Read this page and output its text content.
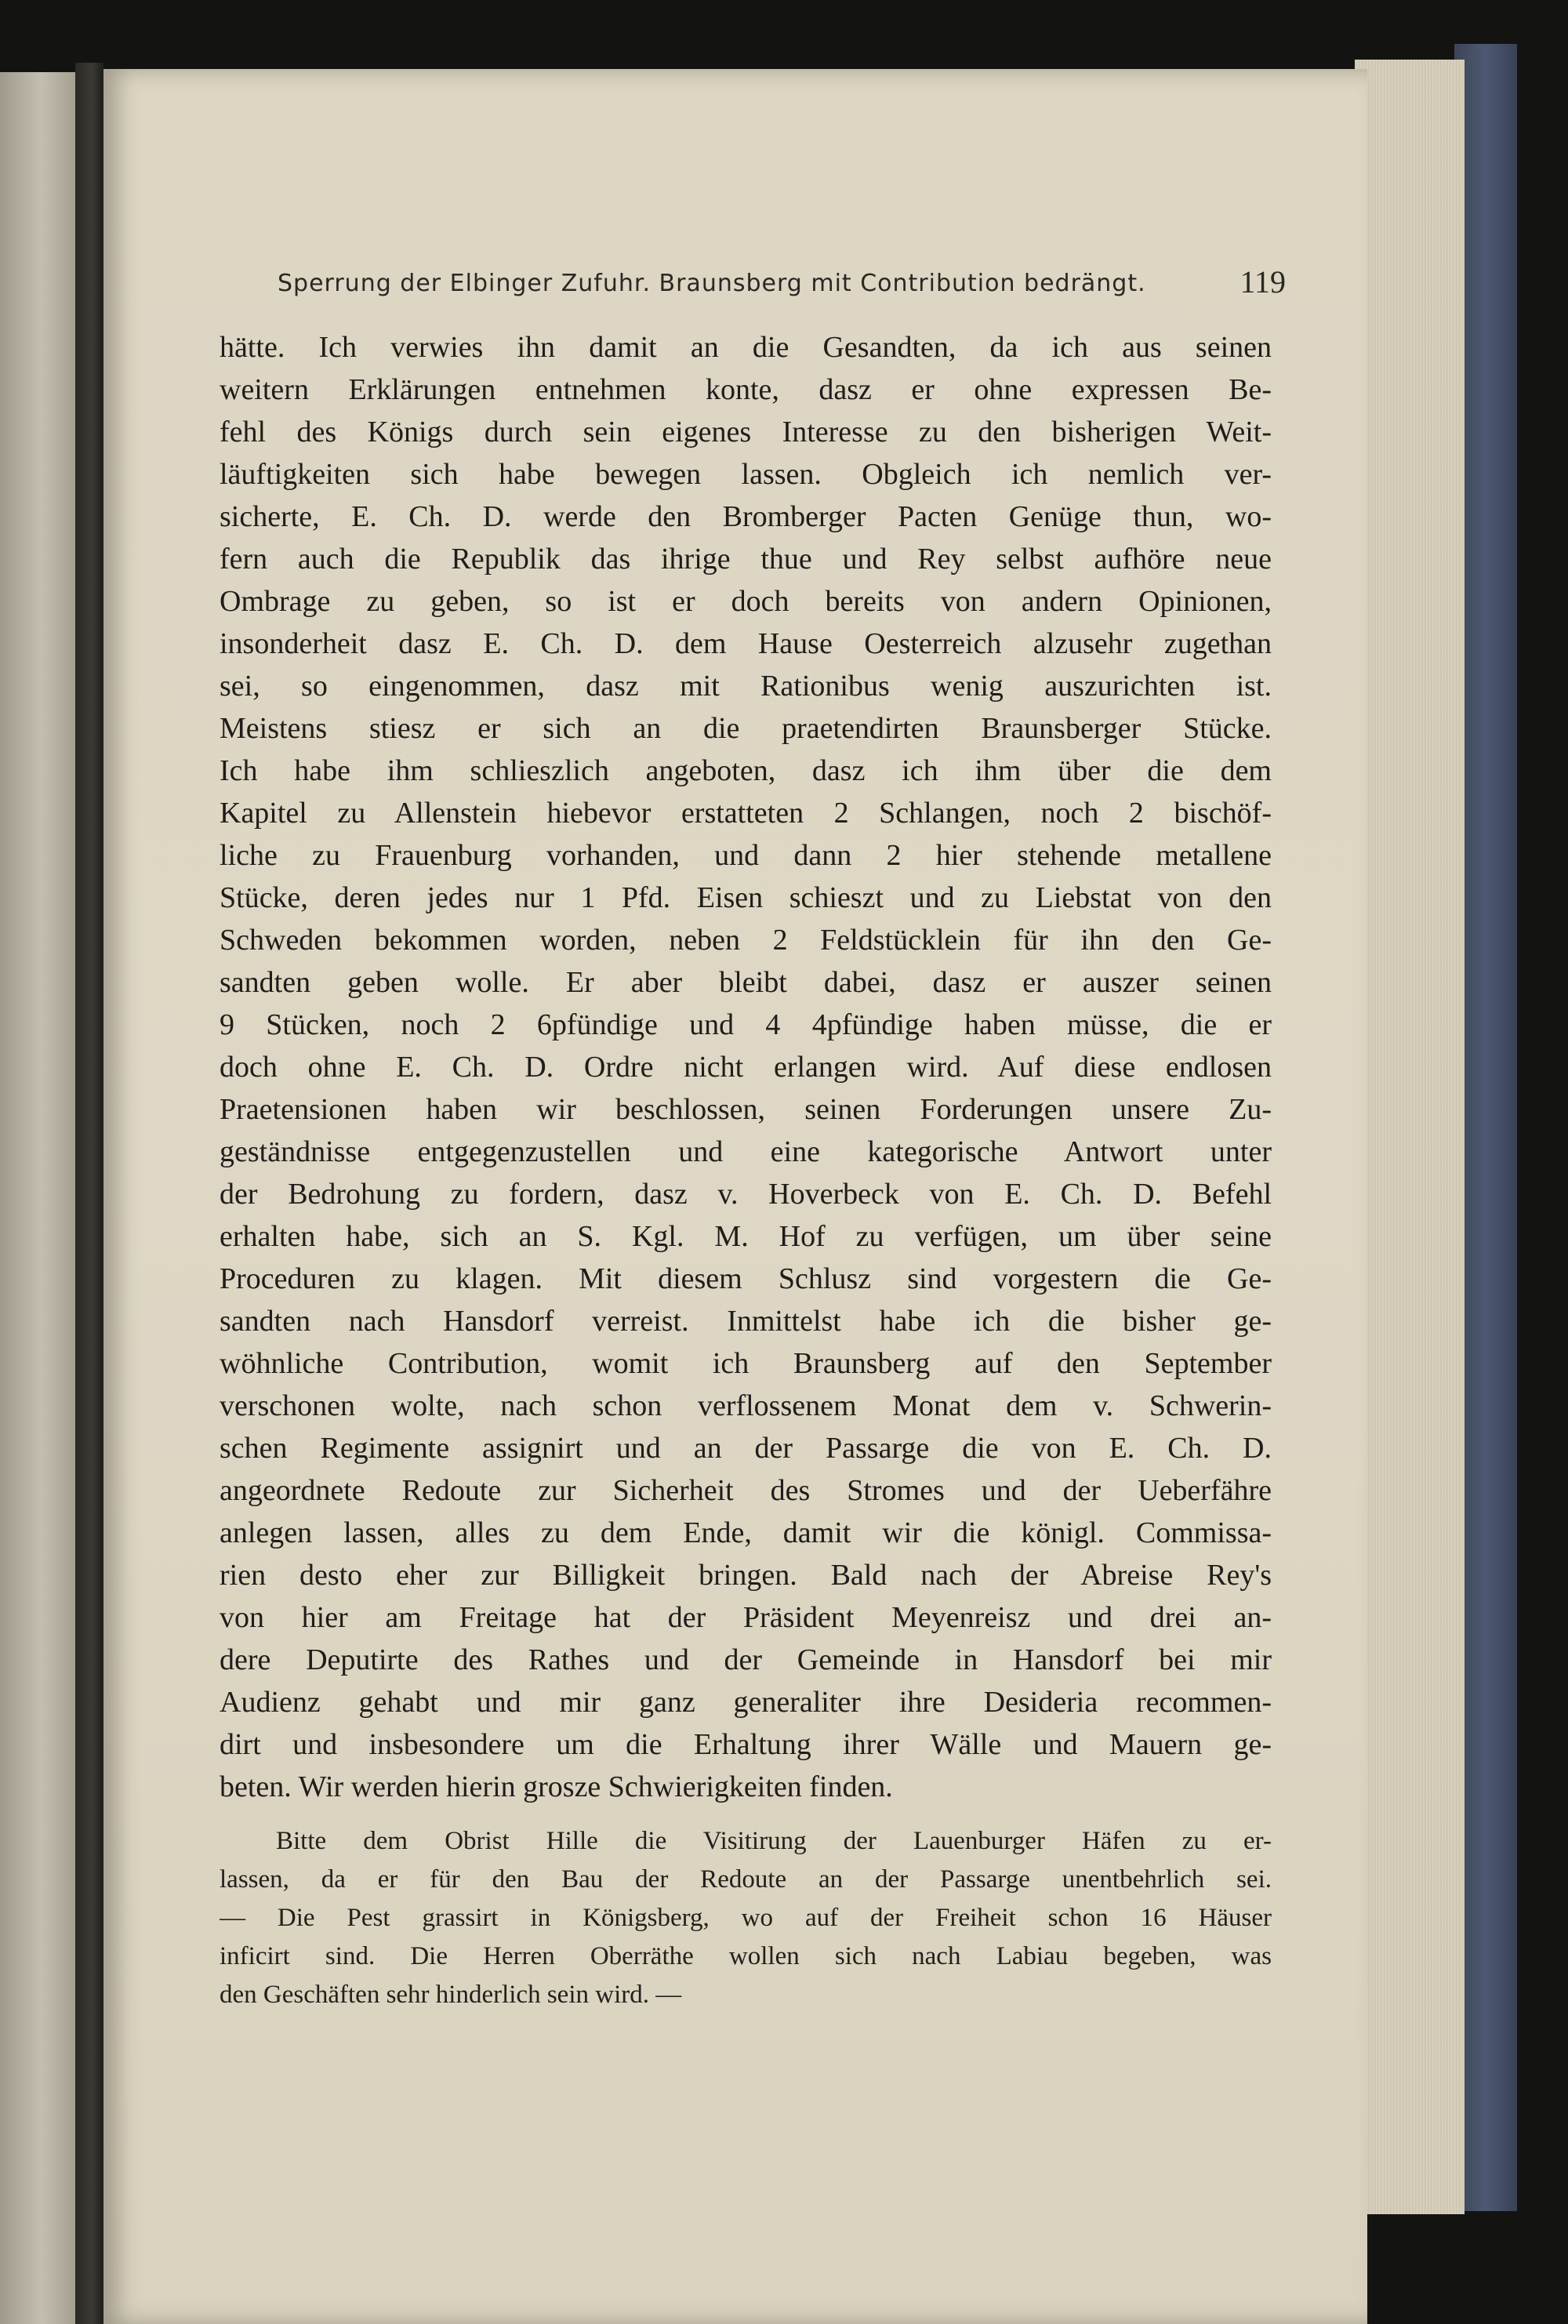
Sperrung der Elbinger Zufuhr. Braunsberg mit Contribution bedrängt.	119
hätte. Ich verwies ihn damit an die Gesandten, da ich aus seinen
weitern Erklärungen entnehmen konte, dasz er ohne expressen Be-
fehl des Königs durch sein eigenes Interesse zu den bisherigen Weit-
läuftigkeiten sich habe bewegen lassen. Obgleich ich nemlich ver-
sicherte, E. Ch. D. werde den Bromberger Pacten Genüge thun, wo-
fern auch die Republik das ihrige thue und Rey selbst aufhöre neue
Ombrage zu geben, so ist er doch bereits von andern Opinionen,
insonderheit dasz E. Ch. D. dem Hause Oesterreich alzusehr zugethan
sei, so eingenommen, dasz mit Rationibus wenig auszurichten ist.
Meistens stiesz er sich an die praetendirten Braunsberger Stücke.
Ich habe ihm schlieszlich angeboten, dasz ich ihm über die dem
Kapitel zu Allenstein hiebevor erstatteten 2 Schlangen, noch 2 bischöf-
liche zu Frauenburg vorhanden, und dann 2 hier stehende metallene
Stücke, deren jedes nur 1 Pfd. Eisen schieszt und zu Liebstat von den
Schweden bekommen worden, neben 2 Feldstücklein für ihn den Ge-
sandten geben wolle. Er aber bleibt dabei, dasz er auszer seinen
9 Stücken, noch 2 6pfündige und 4 4pfündige haben müsse, die er
doch ohne E. Ch. D. Ordre nicht erlangen wird. Auf diese endlosen
Praetensionen haben wir beschlossen, seinen Forderungen unsere Zu-
geständnisse entgegenzustellen und eine kategorische Antwort unter
der Bedrohung zu fordern, dasz v. Hoverbeck von E. Ch. D. Befehl
erhalten habe, sich an S. Kgl. M. Hof zu verfügen, um über seine
Proceduren zu klagen. Mit diesem Schlusz sind vorgestern die Ge-
sandten nach Hansdorf verreist. Inmittelst habe ich die bisher ge-
wöhnliche Contribution, womit ich Braunsberg auf den September
verschonen wolte, nach schon verflossenem Monat dem v. Schwerin-
schen Regimente assignirt und an der Passarge die von E. Ch. D.
angeordnete Redoute zur Sicherheit des Stromes und der Ueberfähre
anlegen lassen, alles zu dem Ende, damit wir die königl. Commissa-
rien desto eher zur Billigkeit bringen. Bald nach der Abreise Rey's
von hier am Freitage hat der Präsident Meyenreisz und drei an-
dere Deputirte des Rathes und der Gemeinde in Hansdorf bei mir
Audienz gehabt und mir ganz generaliter ihre Desideria recommen-
dirt und insbesondere um die Erhaltung ihrer Wälle und Mauern ge-
beten. Wir werden hierin grosze Schwierigkeiten finden.
Bitte dem Obrist Hille die Visitirung der Lauenburger Häfen zu er-
lassen, da er für den Bau der Redoute an der Passarge unentbehrlich sei.
— Die Pest grassirt in Königsberg, wo auf der Freiheit schon 16 Häuser
inficirt sind. Die Herren Oberräthe wollen sich nach Labiau begeben, was
den Geschäften sehr hinderlich sein wird. —
